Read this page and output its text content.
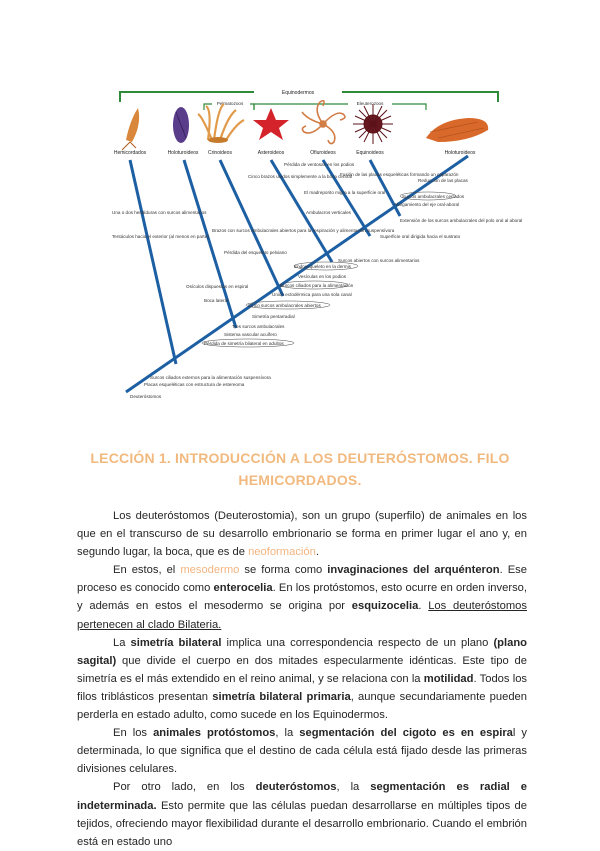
Equinodermos
Pelmatozoos	Eleuterozoos
Hemicordados	Holoturoideos Crinoideos	Asteroideos	Ofiuroideos	Equinoideos	Holoturoideos
Pérdida de ventosas en los podios
Cinco brazos unidos simplemente a la boca central
Fusión de las placas esqueléticas formando un caparazón
Reducción de las placas
El madreporito migra a la superficie oral
Alargamiento del eje oral-aboral
Ambulacros verticales
Surcos ambulacrales cerrados
Extensión de los surcos ambulacrales del polo oral al aboral
Superficie oral dirigida hacia el sustrato
Surcos abiertos con surcos alimentarios
Una o dos hendiduras con surcos alimentarios
Tentáculos hacia el exterior (al menos en parte)
Brazos con surcos ambulacrales abiertos para la respiración y alimentación suspensívora
Pérdida del esqueleto pelviano
Osículos dispuestos en espiral
Boca lateral
Endoesqueleto en la dermis
Vesículas en los podios
Surcos ciliados para la alimentación
Unión ectodérmica para una sola canal
Cinco surcos ambulacrales abiertos
Simetría pentarradial
Tres surcos ambulacrales
Sistema vascular acuífero
Pérdida de simetría bilateral en adultos
Surcos ciliados externos para la alimentación suspensívora
Placas esqueléticas con estructura de estereoma
Deuteróstomos
LECCIÓN 1. INTRODUCCIÓN A LOS DEUTERÓSTOMOS. FILO HEMICORDADOS.

Los deuteróstomos (Deuterostomia), son un grupo (superfilo) de animales en los que en el transcurso de su desarrollo embrionario se forma en primer lugar el ano y, en segundo lugar, la boca, que es de neoformación.

En estos, el mesodermo se forma como invaginaciones del arquénteron. Ese proceso es conocido como enterocelia. En los protóstomos, esto ocurre en orden inverso, y además en estos el mesodermo se origina por esquizocelia. Los deuteróstomos pertenecen al clado Bilateria.

La simetría bilateral implica una correspondencia respecto de un plano (plano sagital) que divide el cuerpo en dos mitades especularmente idénticas. Este tipo de simetría es el más extendido en el reino animal, y se relaciona con la motilidad. Todos los filos triblásticos presentan simetría bilateral primaria, aunque secundariamente pueden perderla en estado adulto, como sucede en los Equinodermos.

En los animales protóstomos, la segmentación del cigoto es en espiral y determinada, lo que significa que el destino de cada célula está fijado desde las primeras divisiones celulares.

Por otro lado, en los deuteróstomos, la segmentación es radial e indeterminada. Esto permite que las células puedan desarrollarse en múltiples tipos de tejidos, ofreciendo mayor flexibilidad durante el desarrollo embrionario. Cuando el embrión está en estado uno
